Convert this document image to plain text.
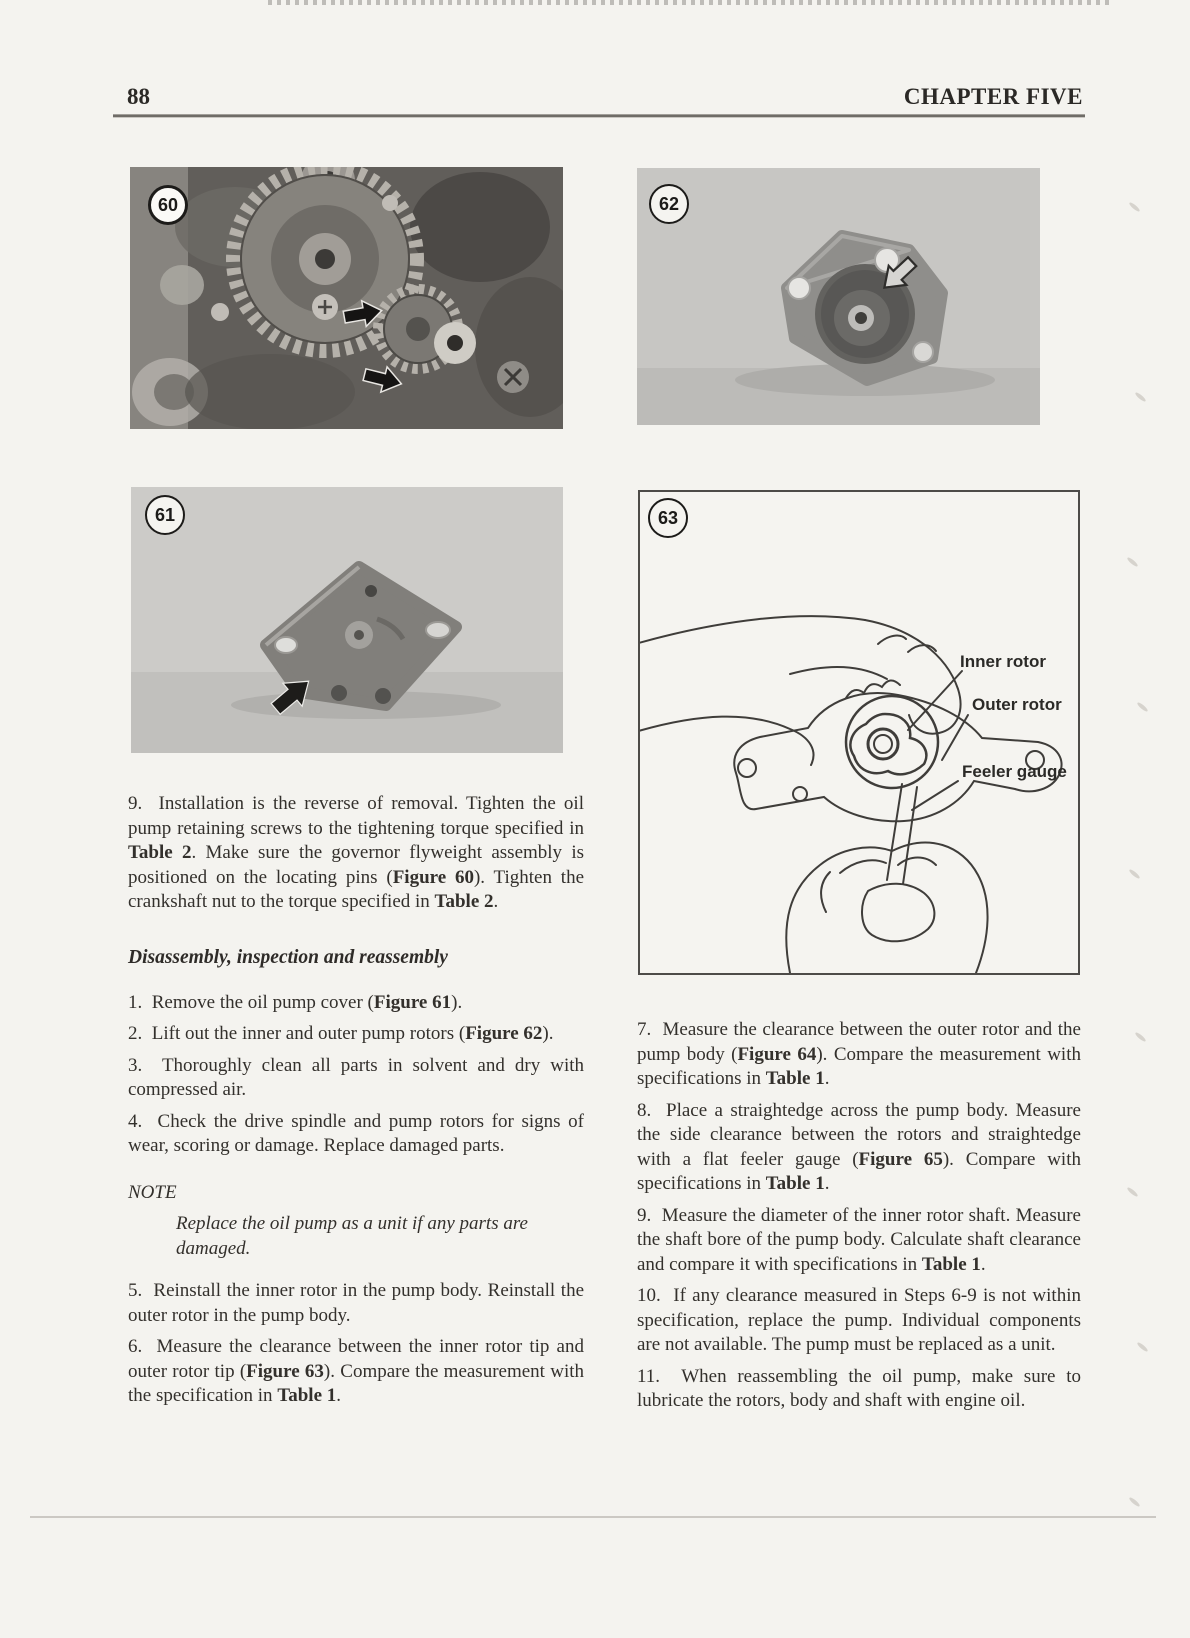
88	CHAPTER FIVE
60	62
61	63
Inner rotor
Outer rotor
Feeler gauge

9.  Installation is the reverse of removal. Tighten the oil pump retaining screws to the tightening torque specified in Table 2. Make sure the governor flyweight assembly is positioned on the locating pins (Figure 60). Tighten the crankshaft nut to the torque specified in Table 2.

Disassembly, inspection and reassembly

1.  Remove the oil pump cover (Figure 61).

2.  Lift out the inner and outer pump rotors (Figure 62).

3.  Thoroughly clean all parts in solvent and dry with compressed air.

4.  Check the drive spindle and pump rotors for signs of wear, scoring or damage. Replace damaged parts.

NOTE

Replace the oil pump as a unit if any parts are damaged.

5.  Reinstall the inner rotor in the pump body. Reinstall the outer rotor in the pump body.

6.  Measure the clearance between the inner rotor tip and outer rotor tip (Figure 63). Compare the measurement with the specification in Table 1.

7.  Measure the clearance between the outer rotor and the pump body (Figure 64). Compare the measurement with specifications in Table 1.

8.  Place a straightedge across the pump body. Measure the side clearance between the rotors and straightedge with a flat feeler gauge (Figure 65). Compare with specifications in Table 1.

9.  Measure the diameter of the inner rotor shaft. Measure the shaft bore of the pump body. Calculate shaft clearance and compare it with specifications in Table 1.

10.  If any clearance measured in Steps 6-9 is not within specification, replace the pump. Individual components are not available. The pump must be replaced as a unit.

11.  When reassembling the oil pump, make sure to lubricate the rotors, body and shaft with engine oil.
